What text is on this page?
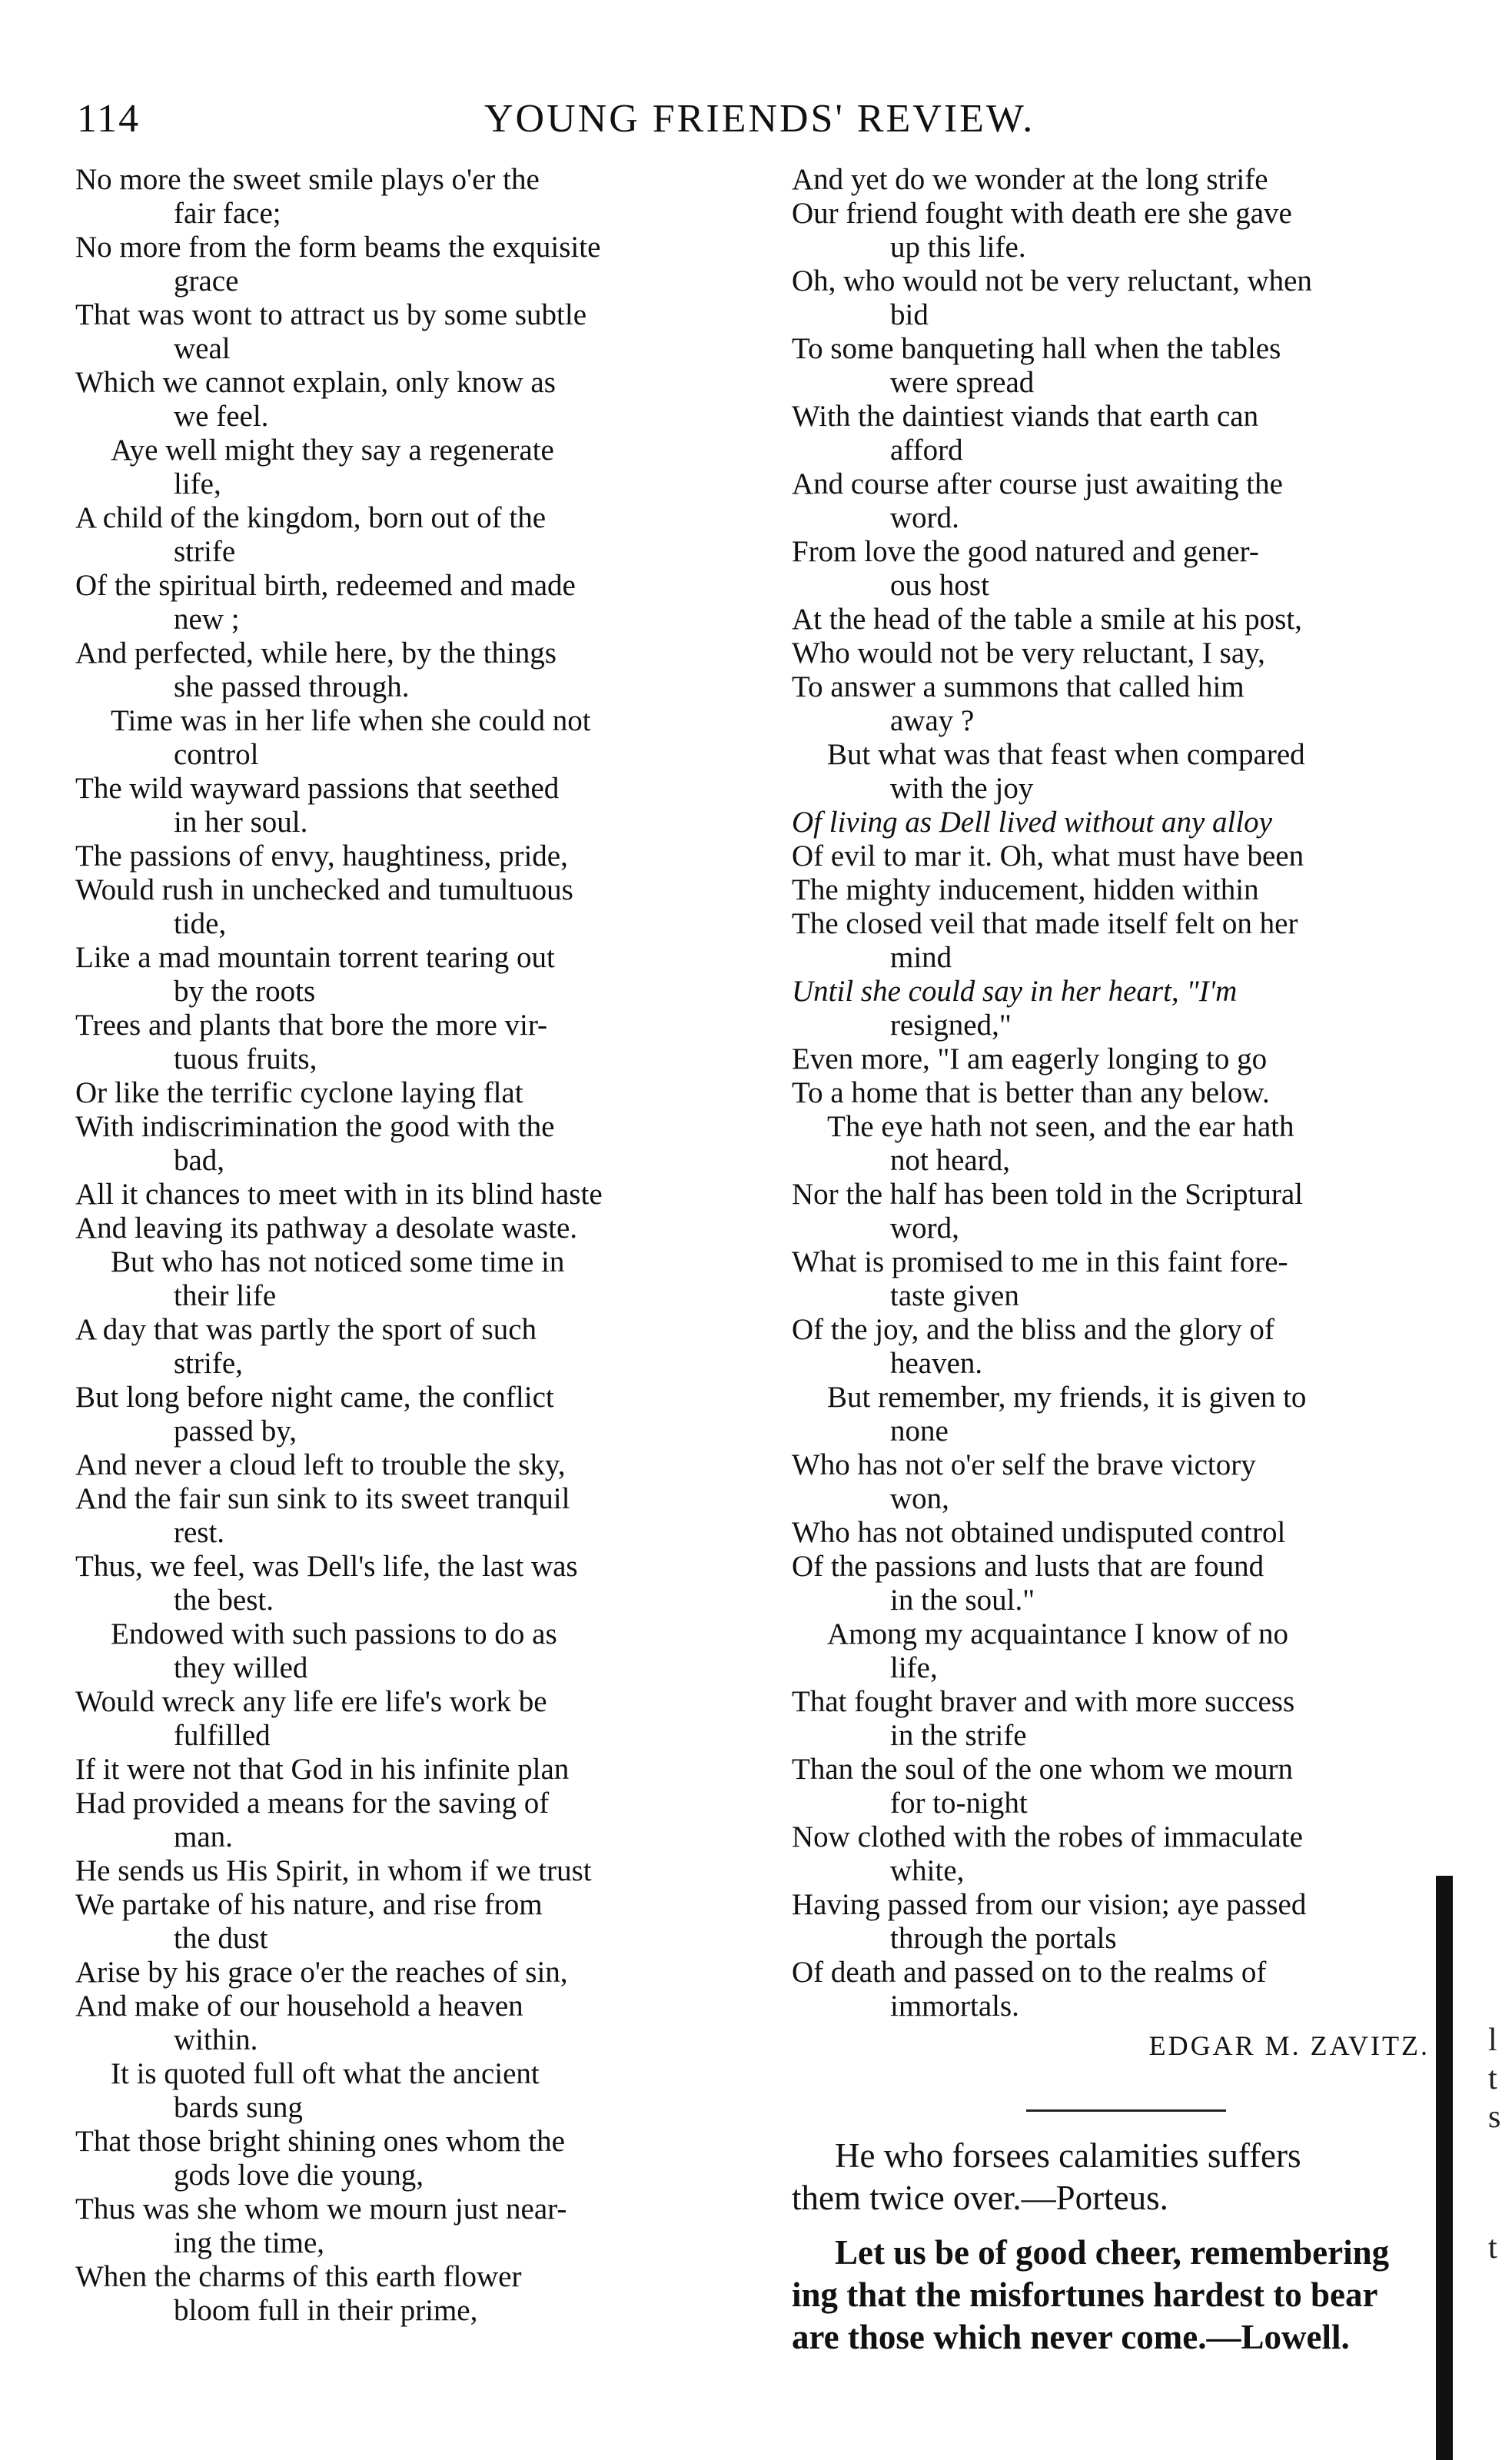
114	YOUNG FRIENDS' REVIEW.
No more the sweet smile plays o'er the
fair face;
No more from the form beams the exquisite
grace
That was wont to attract us by some subtle
weal
Which we cannot explain, only know as
we feel.
Aye well might they say a regenerate
life,
A child of the kingdom, born out of the
strife
Of the spiritual birth, redeemed and made
new ;
And perfected, while here, by the things
she passed through.
Time was in her life when she could not
control
The wild wayward passions that seethed
in her soul.
The passions of envy, haughtiness, pride,
Would rush in unchecked and tumultuous
tide,
Like a mad mountain torrent tearing out
by the roots
Trees and plants that bore the more vir-
tuous fruits,
Or like the terrific cyclone laying flat
With indiscrimination the good with the
bad,
All it chances to meet with in its blind haste
And leaving its pathway a desolate waste.
But who has not noticed some time in
their life
A day that was partly the sport of such
strife,
But long before night came, the conflict
passed by,
And never a cloud left to trouble the sky,
And the fair sun sink to its sweet tranquil
rest.
Thus, we feel, was Dell's life, the last was
the best.
Endowed with such passions to do as
they willed
Would wreck any life ere life's work be
fulfilled
If it were not that God in his infinite plan
Had provided a means for the saving of
man.
He sends us His Spirit, in whom if we trust
We partake of his nature, and rise from
the dust
Arise by his grace o'er the reaches of sin,
And make of our household a heaven
within.
It is quoted full oft what the ancient
bards sung
That those bright shining ones whom the
gods love die young,
Thus was she whom we mourn just near-
ing the time,
When the charms of this earth flower
bloom full in their prime,
And yet do we wonder at the long strife
Our friend fought with death ere she gave
up this life.
Oh, who would not be very reluctant, when
bid
To some banqueting hall when the tables
were spread
With the daintiest viands that earth can
afford
And course after course just awaiting the
word.
From love the good natured and gener-
ous host
At the head of the table a smile at his post,
Who would not be very reluctant, I say,
To answer a summons that called him
away ?
But what was that feast when compared
with the joy
Of living as Dell lived without any alloy
Of evil to mar it. Oh, what must have been
The mighty inducement, hidden within
The closed veil that made itself felt on her
mind
Until she could say in her heart, "I'm
resigned,"
Even more, "I am eagerly longing to go
To a home that is better than any below.
The eye hath not seen, and the ear hath
not heard,
Nor the half has been told in the Scriptural
word,
What is promised to me in this faint fore-
taste given
Of the joy, and the bliss and the glory of
heaven.
But remember, my friends, it is given to
none
Who has not o'er self the brave victory
won,
Who has not obtained undisputed control
Of the passions and lusts that are found
in the soul."
Among my acquaintance I know of no
life,
That fought braver and with more success
in the strife
Than the soul of the one whom we mourn
for to-night
Now clothed with the robes of immaculate
white,
Having passed from our vision; aye passed
through the portals
Of death and passed on to the realms of
immortals.
EDGAR M. ZAVITZ.
He who forsees calamities suffers
them twice over.—Porteus.
Let us be of good cheer, remembering
ing that the misfortunes hardest to bear
are those which never come.—Lowell.
l
t
s
t
